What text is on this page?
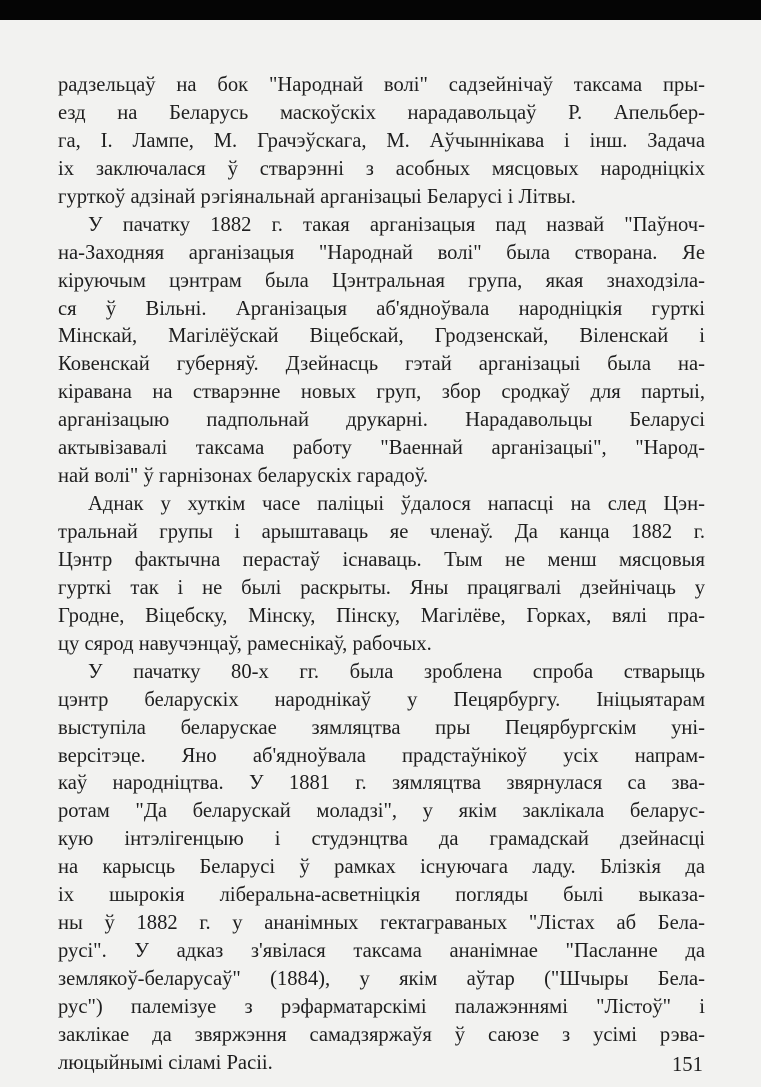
радзельцаў на бок "Народнай волі" садзейнічаў таксама пры-
езд на Беларусь маскоўскіх нарадавольцаў Р. Апельбер-
га, І. Лампе, М. Грачэўскага, М. Аўчыннікава і інш. Задача
іх заключалася ў стварэнні з асобных мясцовых народніцкіх
гурткоў адзінай рэгіянальнай арганізацыі Беларусі і Літвы.
У пачатку 1882 г. такая арганізацыя пад назвай "Пaўноч-
на-Заходняя арганізацыя "Народнай волі" была створана. Яе
кіруючым цэнтрам была Цэнтральная група, якая знаходзіла-
ся ў Вільні. Арганізацыя аб'ядноўвала народніцкія гурткі
Мінскай, Магілёўскай Віцебскай, Гродзенскай, Віленскай і
Ковенскай губерняў. Дзейнасць гэтай арганізацыі была на-
кіравана на стварэнне новых груп, збор сродкаў для партыі,
арганізацыю падпольнай друкарні. Нарадавольцы Беларусі
актывізавалі таксама работу "Ваеннай арганізацыі", "Народ-
най волі" ў гарнізонах беларускіх гарадоў.
Аднак у хуткім часе паліцыі ўдалося напасці на след Цэн-
тральнай групы і арыштаваць яе членаў. Да канца 1882 г.
Цэнтр фактычна перастаў існаваць. Тым не менш мясцовыя
гурткі так і не былі раскрыты. Яны працягвалі дзейнічаць у
Гродне, Віцебску, Мінску, Пінску, Магілёве, Горках, вялі пра-
цу сярод навучэнцаў, рамеснікаў, рабочых.
У пачатку 80-х гг. была зроблена спроба стварыць
цэнтр беларускіх народнікаў у Пецярбургу. Ініцыятарам
выступіла беларускае зямляцтва пры Пецярбургскім уні-
версітэце. Яно аб'ядноўвала прадстаўнікоў усіх напрам-
каў народніцтва. У 1881 г. зямляцтва звярнулася са зва-
ротам "Да беларускай моладзі", у якім заклікала беларус-
кую інтэлігенцыю і студэнцтва да грамадскай дзейнасці
на карысць Беларусі ў рамках існуючага ладу. Блізкія да
іх шырокія ліберальна-асветніцкія погляды былі выказа-
ны ў 1882 г. у ананімных гектаграваных "Лістах аб Бела-
русі". У адказ з'явілася таксама ананімнае "Пасланне да
землякоў-беларусаў" (1884), у якім аўтар ("Шчыры Бела-
рус") палемізуе з рэфарматарскімі палажэннямі "Лістоў" і
заклікае да звяржэння самадзяржаўя ў саюзе з усімі рэва-
люцыйнымі сіламі Расіі.	151
